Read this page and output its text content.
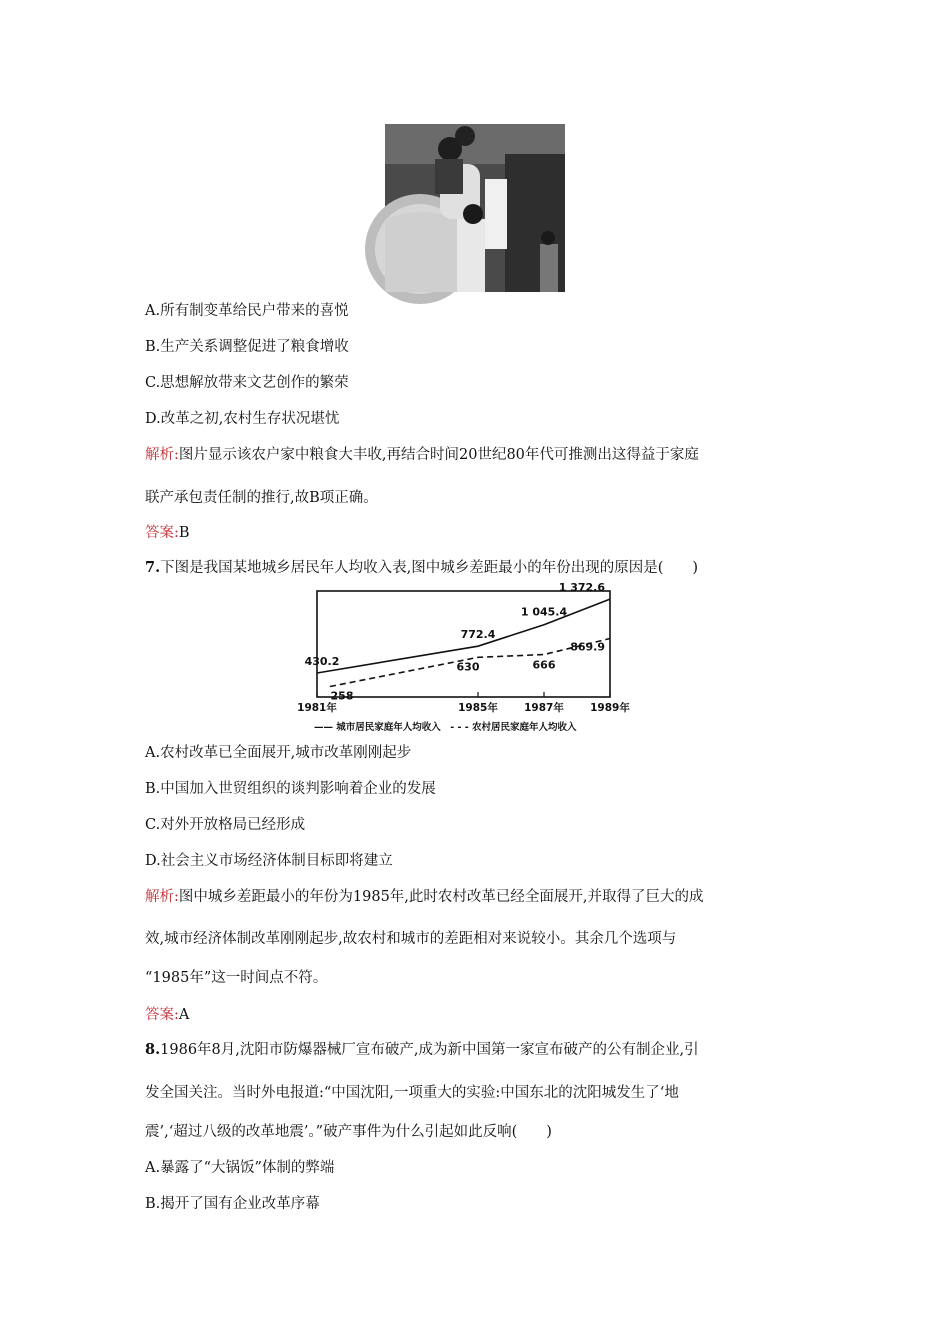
A.所有制变革给民户带来的喜悦
B.生产关系调整促进了粮食增收
C.思想解放带来文艺创作的繁荣
D.改革之初,农村生存状况堪忧
解析:图片显示该农户家中粮食大丰收,再结合时间20世纪80年代可推测出这得益于家庭
联产承包责任制的推行,故B项正确。
答案:B
7.下图是我国某地城乡居民年人均收入表,图中城乡差距最小的年份出现的原因是(　　)
1981年	1985年	1987年	1989年
430.2
772.4
1 045.4
1 372.6
258
630	666
869.9
—— 城市居民家庭年人均收入　- - - 农村居民家庭年人均收入
A.农村改革已全面展开,城市改革刚刚起步
B.中国加入世贸组织的谈判影响着企业的发展
C.对外开放格局已经形成
D.社会主义市场经济体制目标即将建立
解析:图中城乡差距最小的年份为1985年,此时农村改革已经全面展开,并取得了巨大的成
效,城市经济体制改革刚刚起步,故农村和城市的差距相对来说较小。其余几个选项与
“1985年”这一时间点不符。
答案:A
8.1986年8月,沈阳市防爆器械厂宣布破产,成为新中国第一家宣布破产的公有制企业,引
发全国关注。当时外电报道:“中国沈阳,一项重大的实验:中国东北的沈阳城发生了‘地
震’,‘超过八级的改革地震’。”破产事件为什么引起如此反响(　　)
A.暴露了“大锅饭”体制的弊端
B.揭开了国有企业改革序幕
